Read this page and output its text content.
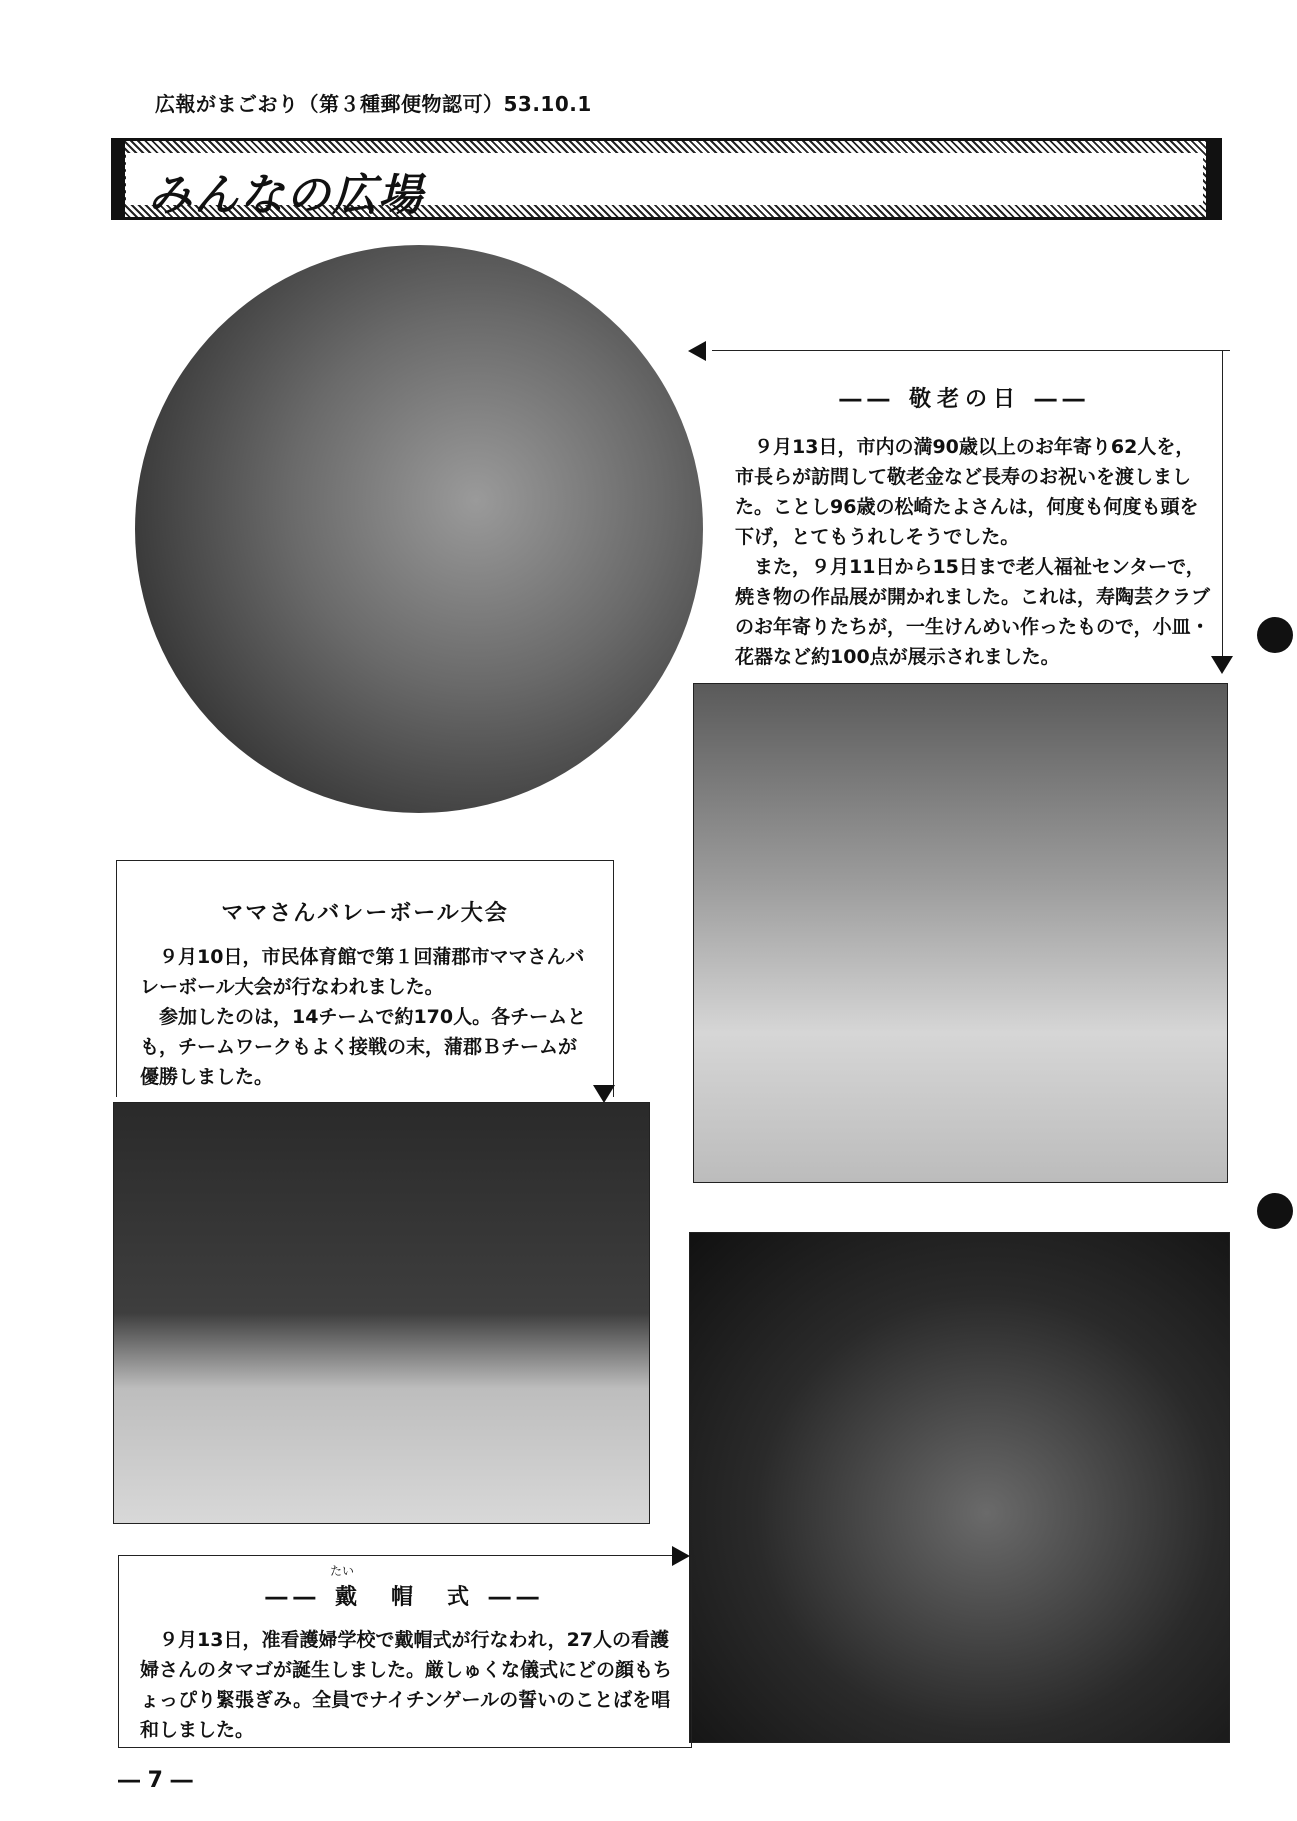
広報がまごおり（第３種郵便物認可）53.10.1
みんなの広場
―― 敬老の日 ――

９月13日，市内の満90歳以上のお年寄り62人を，市長らが訪問して敬老金など長寿のお祝いを渡しました。ことし96歳の松崎たよさんは，何度も何度も頭を下げ，とてもうれしそうでした。

また，９月11日から15日まで老人福祉センターで，焼き物の作品展が開かれました。これは，寿陶芸クラブのお年寄りたちが，一生けんめい作ったもので，小皿・花器など約100点が展示されました。

ママさんバレーボール大会

９月10日，市民体育館で第１回蒲郡市ママさんバレーボール大会が行なわれました。

参加したのは，14チームで約170人。各チームとも，チームワークもよく接戦の末，蒲郡Ｂチームが優勝しました。

たい
―― 戴　帽　式 ――

９月13日，准看護婦学校で戴帽式が行なわれ，27人の看護婦さんのタマゴが誕生しました。厳しゅくな儀式にどの顔もちょっぴり緊張ぎみ。全員でナイチンゲールの誓いのことばを唱和しました。

― 7 ―
